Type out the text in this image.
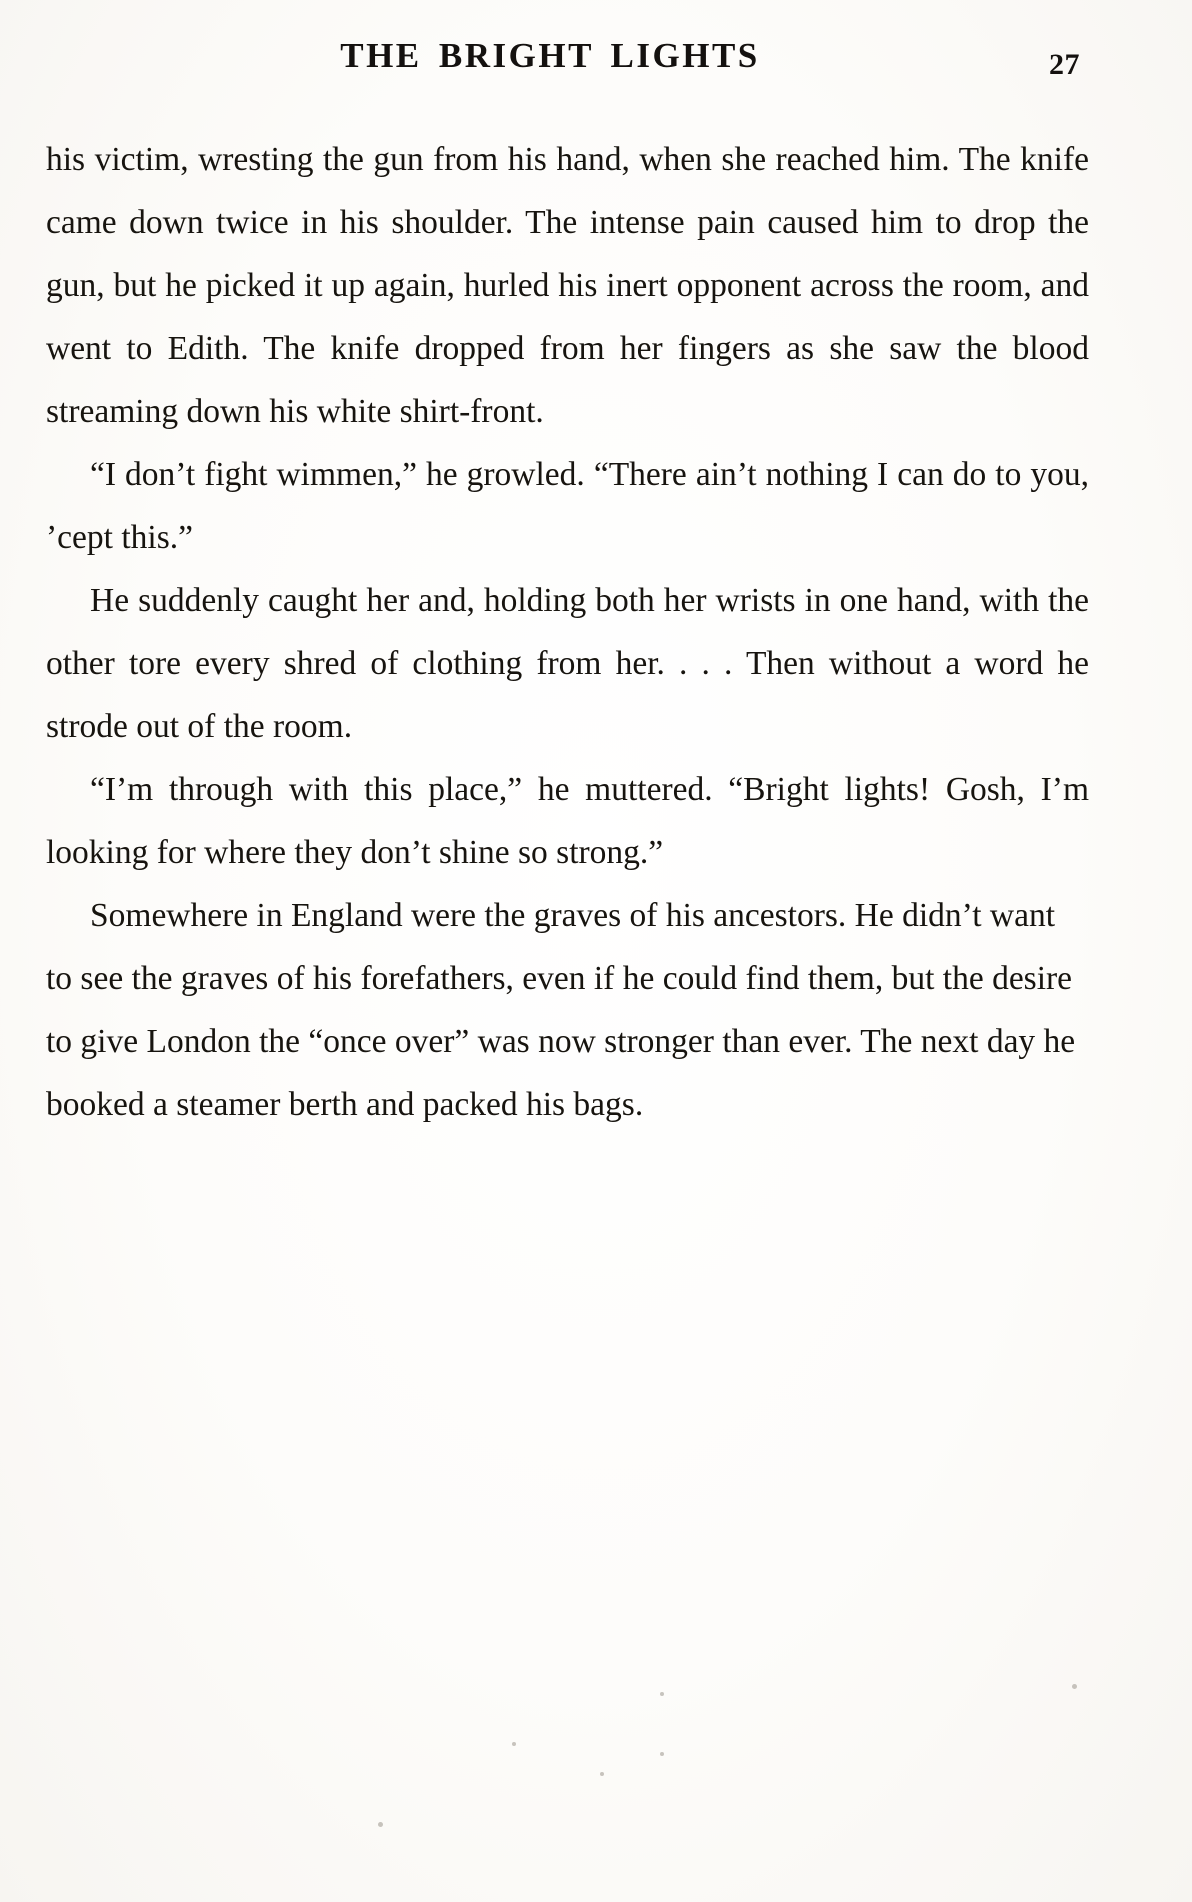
THE BRIGHT LIGHTS	27

his victim, wresting the gun from his hand, when she reached him. The knife came down twice in his shoulder. The intense pain caused him to drop the gun, but he picked it up again, hurled his inert opponent across the room, and went to Edith. The knife dropped from her fingers as she saw the blood streaming down his white shirt-front.

“I don’t fight wimmen,” he growled. “There ain’t nothing I can do to you, ’cept this.”

He suddenly caught her and, holding both her wrists in one hand, with the other tore every shred of clothing from her. . . . Then without a word he strode out of the room.

“I’m through with this place,” he muttered. “Bright lights! Gosh, I’m looking for where they don’t shine so strong.”

Somewhere in England were the graves of his ancestors. He didn’t want to see the graves of his forefathers, even if he could find them, but the desire to give London the “once over” was now stronger than ever. The next day he booked a steamer berth and packed his bags.
